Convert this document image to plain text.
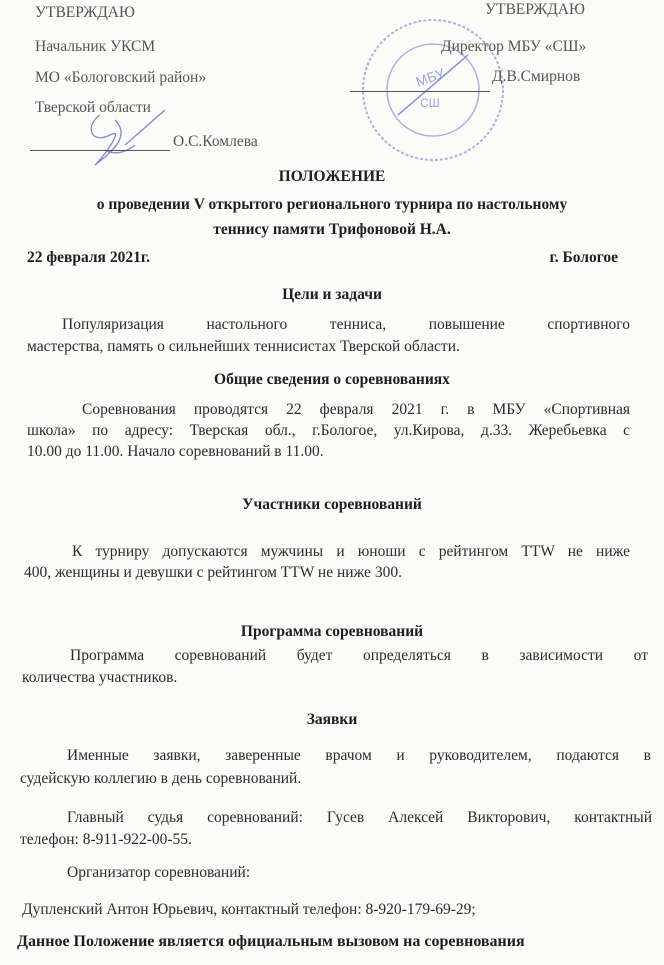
МБУ
СШ
УТВЕРЖДАЮ
Начальник УКСМ
МО «Бологовский район»
Тверской области
О.С.Комлева
УТВЕРЖДАЮ
Директор МБУ «СШ»
Д.В.Смирнов
ПОЛОЖЕНИЕ
о проведении V открытого регионального турнира по настольному
теннису памяти Трифоновой Н.А.
22 февраля 2021г.	г. Бологое
Цели и задачи
Популяризация настольного тенниса, повышение спортивного
мастерства, память о сильнейших теннисистах Тверской области.
Общие сведения о соревнованиях
Соревнования проводятся 22 февраля 2021 г. в МБУ «Спортивная
школа» по адресу: Тверская обл., г.Бологое, ул.Кирова, д.33. Жеребьевка с
10.00 до 11.00. Начало соревнований в 11.00.
Участники соревнований
К турниру допускаются мужчины и юноши с рейтингом TTW не ниже
400, женщины и девушки с рейтингом TTW не ниже 300.
Программа соревнований
Программа соревнований будет определяться в зависимости от
количества участников.
Заявки
Именные заявки, заверенные врачом и руководителем, подаются в
судейскую коллегию в день соревнований.
Главный судья соревнований: Гусев Алексей Викторович, контактный
телефон: 8-911-922-00-55.
Организатор соревнований:
Дупленский Антон Юрьевич, контактный телефон: 8-920-179-69-29;
Данное Положение является официальным вызовом на соревнования
